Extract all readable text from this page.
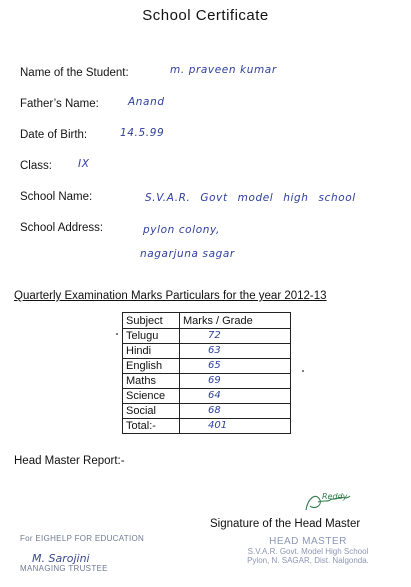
School Certificate
Name of the Student:	m. praveen kumar
Father’s Name:	Anand
Date of Birth:	14.5.99
Class: IX
School Name:	S.V.A.R. Govt model high school
School Address:	pylon colony,
nagarjuna sagar
Quarterly Examination Marks Particulars for the year 2012-13
Subject	Marks / Grade
Telugu	72
Hindi	63
English	65
Maths	69
Science	64
Social	68
Total:-	401
Head Master Report:-
Reddy
Signature of the Head Master
For EIGHELP FOR EDUCATION
M. Sarojini
MANAGING TRUSTEE
HEAD MASTER
S.V.A.R. Govt. Model High School
Pylon, N. SAGAR, Dist. Nalgonda.
